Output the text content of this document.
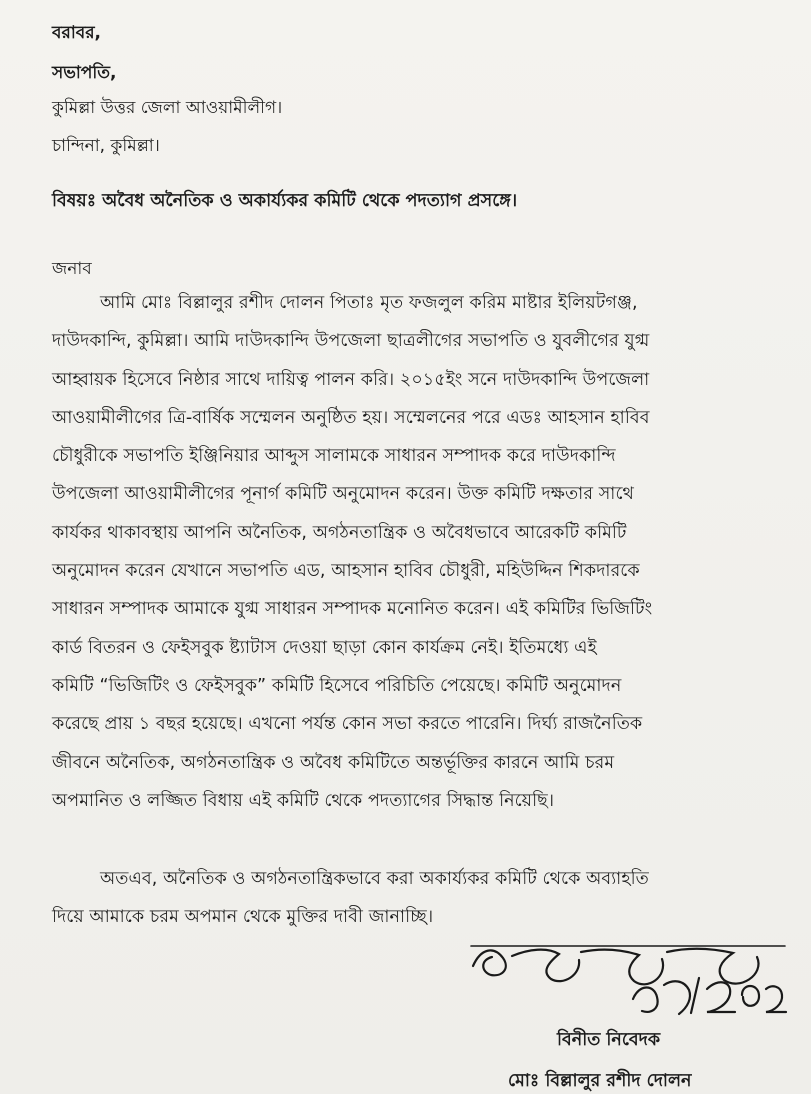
বরাবর,
সভাপতি,
কুমিল্লা উত্তর জেলা আওয়ামীলীগ।
চান্দিনা, কুমিল্লা।
বিষয়ঃ অবৈধ অনৈতিক ও অকার্য্যকর কমিটি থেকে পদত্যাগ প্রসঙ্গে।
জনাব
আমি মোঃ বিল্লালুর রশীদ দোলন পিতাঃ মৃত ফজলুল করিম মাষ্টার ইলিয়টগঞ্জ,
দাউদকান্দি, কুমিল্লা। আমি দাউদকান্দি উপজেলা ছাত্রলীগের সভাপতি ও যুবলীগের যুগ্ম
আহ্বায়ক হিসেবে নিষ্ঠার সাথে দায়িত্ব পালন করি। ২০১৫ইং সনে দাউদকান্দি উপজেলা
আওয়ামীলীগের ত্রি-বার্ষিক সম্মেলন অনুষ্ঠিত হয়। সম্মেলনের পরে এডঃ আহসান হাবিব
চৌধুরীকে সভাপতি ইঞ্জিনিয়ার আব্দুস সালামকে সাধারন সম্পাদক করে দাউদকান্দি
উপজেলা আওয়ামীলীগের পূনার্গ কমিটি অনুমোদন করেন। উক্ত কমিটি দক্ষতার সাথে
কার্যকর থাকাবস্থায় আপনি অনৈতিক, অগঠনতান্ত্রিক ও অবৈধভাবে আরেকটি কমিটি
অনুমোদন করেন যেখানে সভাপতি এড, আহসান হাবিব চৌধুরী, মহিউদ্দিন শিকদারকে
সাধারন সম্পাদক আমাকে যুগ্ম সাধারন সম্পাদক মনোনিত করেন। এই কমিটির ভিজিটিং
কার্ড বিতরন ও ফেইসবুক ষ্ট্যাটাস দেওয়া ছাড়া কোন কার্যক্রম নেই। ইতিমধ্যে এই
কমিটি “ভিজিটিং ও ফেইসবুক” কমিটি হিসেবে পরিচিতি পেয়েছে। কমিটি অনুমোদন
করেছে প্রায় ১ বছর হয়েছে। এখনো পর্যন্ত কোন সভা করতে পারেনি। দির্ঘ্য রাজনৈতিক
জীবনে অনৈতিক, অগঠনতান্ত্রিক ও অবৈধ কমিটিতে অন্তর্ভূক্তির কারনে আমি চরম
অপমানিত ও লজ্জিত বিধায় এই কমিটি থেকে পদত্যাগের সিদ্ধান্ত নিয়েছি।
অতএব, অনৈতিক ও অগঠনতান্ত্রিকভাবে করা অকার্য্যকর কমিটি থেকে অব্যাহতি
দিয়ে আমাকে চরম অপমান থেকে মুক্তির দাবী জানাচ্ছি।
বিনীত নিবেদক
মোঃ বিল্লালুর রশীদ দোলন
